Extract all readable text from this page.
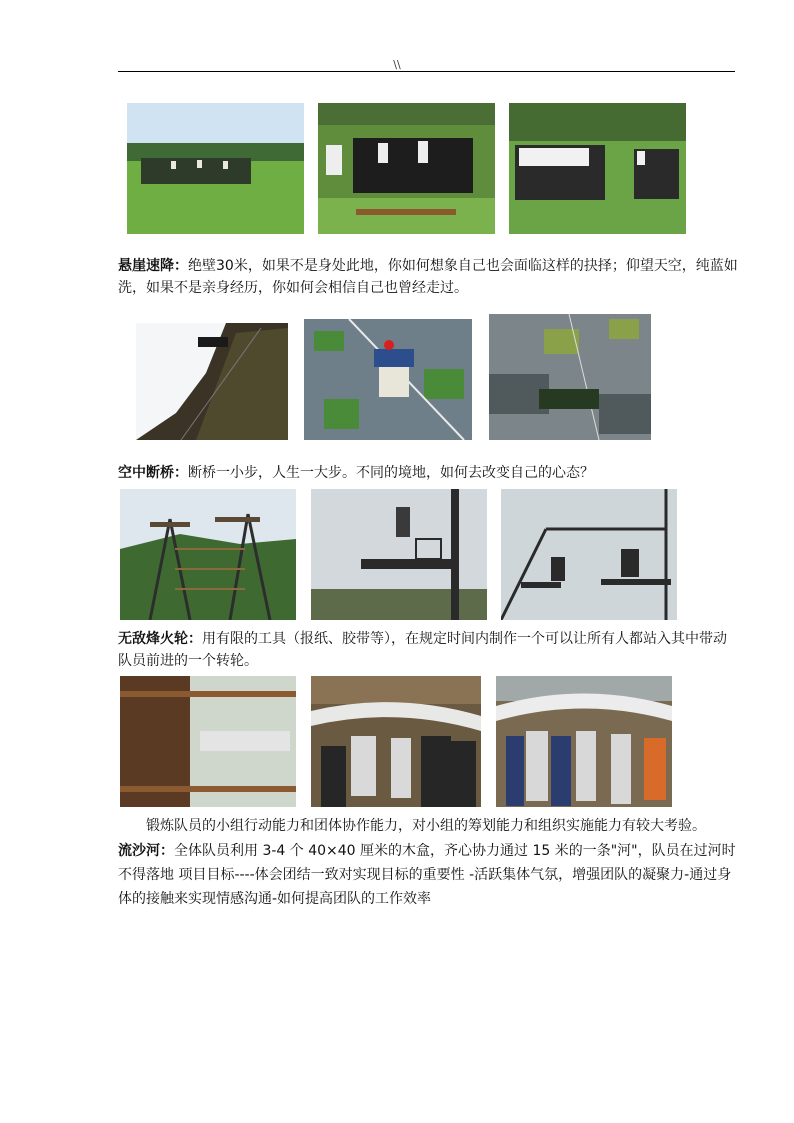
\\
悬崖速降：绝壁30米，如果不是身处此地，你如何想象自己也会面临这样的抉择；仰望天空，纯蓝如洗，如果不是亲身经历，你如何会相信自己也曾经走过。
空中断桥：断桥一小步，人生一大步。不同的境地，如何去改变自己的心态？
无敌烽火轮：用有限的工具（报纸、胶带等），在规定时间内制作一个可以让所有人都站入其中带动队员前进的一个转轮。
锻炼队员的小组行动能力和团体协作能力，对小组的筹划能力和组织实施能力有较大考验。
流沙河：全体队员利用 3-4 个 40×40 厘米的木盒，齐心协力通过 15 米的一条"河"，队员在过河时不得落地 项目目标----体会团结一致对实现目标的重要性 -活跃集体气氛，增强团队的凝聚力-通过身体的接触来实现情感沟通-如何提高团队的工作效率
